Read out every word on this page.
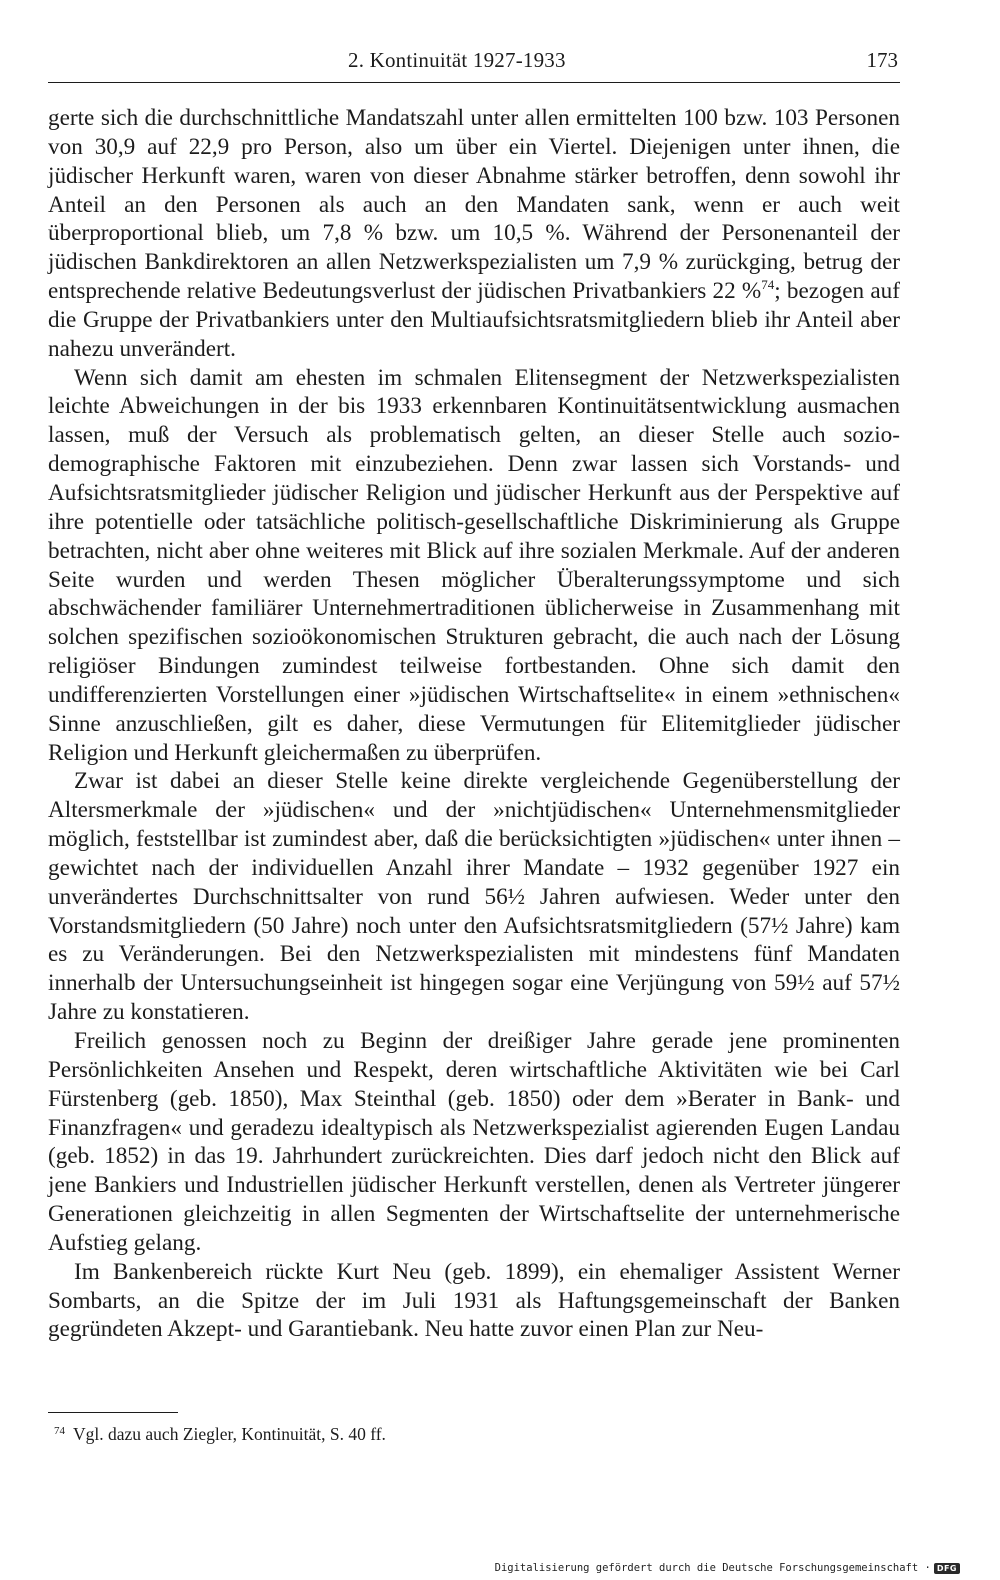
2. Kontinuität 1927-1933	173

gerte sich die durchschnittliche Mandatszahl unter allen ermittelten 100 bzw. 103 Personen von 30,9 auf 22,9 pro Person, also um über ein Viertel. Diejenigen unter ihnen, die jüdischer Herkunft waren, waren von dieser Abnahme stärker betroffen, denn sowohl ihr Anteil an den Personen als auch an den Mandaten sank, wenn er auch weit überproportional blieb, um 7,8 % bzw. um 10,5 %. Während der Personenanteil der jüdischen Bankdirektoren an allen Netzwerkspezialisten um 7,9 % zurückging, betrug der entsprechende relative Bedeutungsverlust der jüdischen Privatbankiers 22 %$^{74}$; bezogen auf die Gruppe der Privatbankiers unter den Multiaufsichtsratsmitgliedern blieb ihr Anteil aber nahezu unverändert.

Wenn sich damit am ehesten im schmalen Elitensegment der Netzwerkspezialisten leichte Abweichungen in der bis 1933 erkennbaren Kontinuitätsentwicklung ausmachen lassen, muß der Versuch als problematisch gelten, an dieser Stelle auch sozio-demographische Faktoren mit einzubeziehen. Denn zwar lassen sich Vorstands- und Aufsichtsratsmitglieder jüdischer Religion und jüdischer Herkunft aus der Perspektive auf ihre potentielle oder tatsächliche politisch-gesellschaftliche Diskriminierung als Gruppe betrachten, nicht aber ohne weiteres mit Blick auf ihre sozialen Merkmale. Auf der anderen Seite wurden und werden Thesen möglicher Überalterungssymptome und sich abschwächender familiärer Unternehmertraditionen üblicherweise in Zusammenhang mit solchen spezifischen sozioökonomischen Strukturen gebracht, die auch nach der Lösung religiöser Bindungen zumindest teilweise fortbestanden. Ohne sich damit den undifferenzierten Vorstellungen einer »jüdischen Wirtschaftselite« in einem »ethnischen« Sinne anzuschließen, gilt es daher, diese Vermutungen für Elitemitglieder jüdischer Religion und Herkunft gleichermaßen zu überprüfen.

Zwar ist dabei an dieser Stelle keine direkte vergleichende Gegenüberstellung der Altersmerkmale der »jüdischen« und der »nichtjüdischen« Unternehmensmitglieder möglich, feststellbar ist zumindest aber, daß die berücksichtigten »jüdischen« unter ihnen – gewichtet nach der individuellen Anzahl ihrer Mandate – 1932 gegenüber 1927 ein unverändertes Durchschnittsalter von rund 56½ Jahren aufwiesen. Weder unter den Vorstandsmitgliedern (50 Jahre) noch unter den Aufsichtsratsmitgliedern (57½ Jahre) kam es zu Veränderungen. Bei den Netzwerkspezialisten mit mindestens fünf Mandaten innerhalb der Untersuchungseinheit ist hingegen sogar eine Verjüngung von 59½ auf 57½ Jahre zu konstatieren.

Freilich genossen noch zu Beginn der dreißiger Jahre gerade jene prominenten Persönlichkeiten Ansehen und Respekt, deren wirtschaftliche Aktivitäten wie bei Carl Fürstenberg (geb. 1850), Max Steinthal (geb. 1850) oder dem »Berater in Bank- und Finanzfragen« und geradezu idealtypisch als Netzwerkspezialist agierenden Eugen Landau (geb. 1852) in das 19. Jahrhundert zurückreichten. Dies darf jedoch nicht den Blick auf jene Bankiers und Industriellen jüdischer Herkunft verstellen, denen als Vertreter jüngerer Generationen gleichzeitig in allen Segmenten der Wirtschaftselite der unternehmerische Aufstieg gelang.

Im Bankenbereich rückte Kurt Neu (geb. 1899), ein ehemaliger Assistent Werner Sombarts, an die Spitze der im Juli 1931 als Haftungsgemeinschaft der Banken gegründeten Akzept- und Garantiebank. Neu hatte zuvor einen Plan zur Neu-

$^{74}$ Vgl. dazu auch Ziegler, Kontinuität, S. 40 ff.
Digitalisierung gefördert durch die Deutsche Forschungsgemeinschaft · DFG
